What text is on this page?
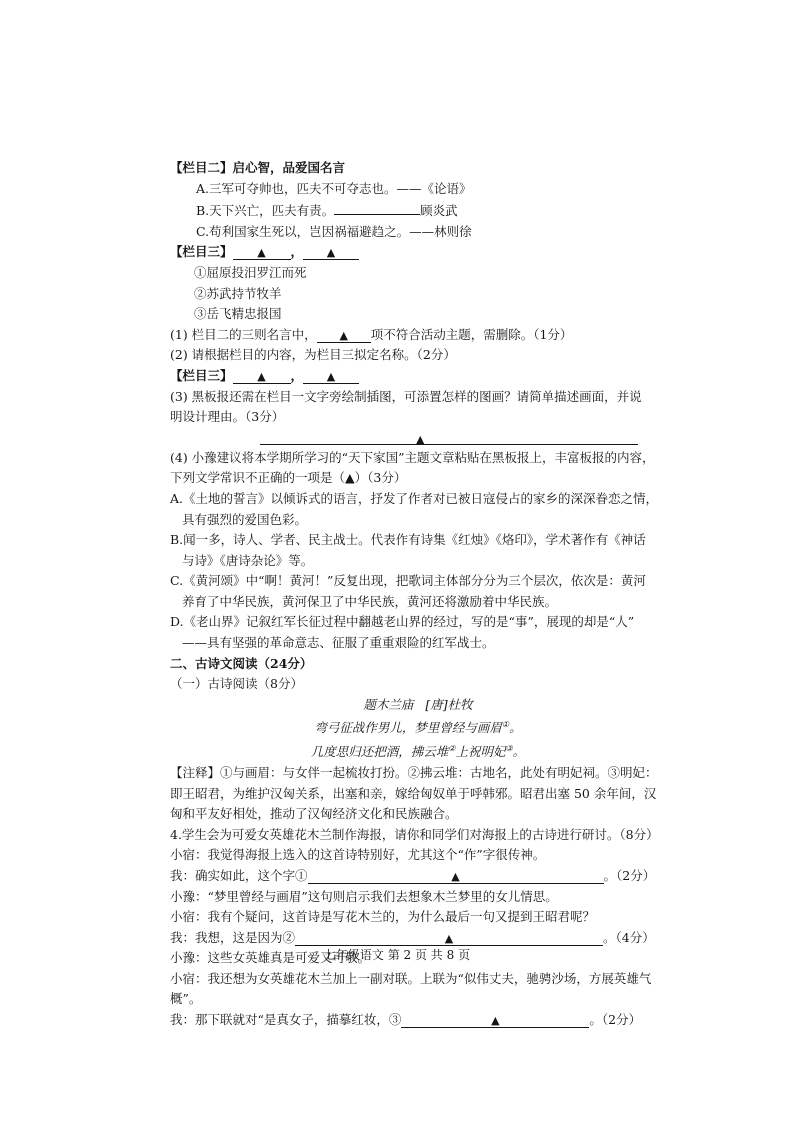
【栏目二】启心智，品爱国名言
A.三军可夺帅也，匹夫不可夺志也。——《论语》
B.天下兴亡，匹夫有责。	顾炎武
C.苟利国家生死以，岂因祸福避趋之。——林则徐
【栏目三】 ▲ ， ▲
①屈原投汨罗江而死
②苏武持节牧羊
③岳飞精忠报国
(1) 栏目二的三则名言中， ▲ 项不符合活动主题，需删除。（1分）
(2) 请根据栏目的内容，为栏目三拟定名称。（2分）
【栏目三】 ▲ ， ▲
(3) 黑板报还需在栏目一文字旁绘制插图，可添置怎样的图画？请简单描述画面，并说
明设计理由。（3分）
▲
(4) 小豫建议将本学期所学习的“天下家国”主题文章粘贴在黑板报上，丰富板报的内容，
下列文学常识不正确的一项是（▲）（3分）
A.《土地的誓言》以倾诉式的语言，抒发了作者对已被日寇侵占的家乡的深深眷恋之情，
具有强烈的爱国色彩。
B.闻一多，诗人、学者、民主战士。代表作有诗集《红烛》《烙印》，学术著作有《神话
与诗》《唐诗杂论》等。
C.《黄河颂》中“啊！黄河！”反复出现，把歌词主体部分分为三个层次，依次是：黄河
养育了中华民族，黄河保卫了中华民族，黄河还将激励着中华民族。
D.《老山界》记叙红军长征过程中翻越老山界的经过，写的是“事”，展现的却是“人”
——具有坚强的革命意志、征服了重重艰险的红军战士。
二、古诗文阅读（24分）
（一）古诗阅读（8分）
题木兰庙 [唐]杜牧
弯弓征战作男儿，梦里曾经与画眉①。
几度思归还把酒，拂云堆②上祝明妃③。
【注释】①与画眉：与女伴一起梳妆打扮。②拂云堆：古地名，此处有明妃祠。③明妃：
即王昭君，为维护汉匈关系，出塞和亲，嫁给匈奴单于呼韩邪。昭君出塞 50 余年间，汉
匈和平友好相处，推动了汉匈经济文化和民族融合。
4.学生会为可爱女英雄花木兰制作海报，请你和同学们对海报上的古诗进行研讨。（8分）
小宿：我觉得海报上选入的这首诗特别好，尤其这个“作”字很传神。
我：确实如此，这个字①	▲	。（2分）
小豫：“梦里曾经与画眉”这句则启示我们去想象木兰梦里的女儿情思。
小宿：我有个疑问，这首诗是写花木兰的，为什么最后一句又提到王昭君呢？
我：我想，这是因为②	▲	。（4分）
小豫：这些女英雄真是可爱又可敬。
小宿：我还想为女英雄花木兰加上一副对联。上联为“似伟丈夫，驰骋沙场，方展英雄气
概”。
我：那下联就对“是真女子，描摹红妆，③	▲	。（2分）
七年级语文 第 2 页 共 8 页
